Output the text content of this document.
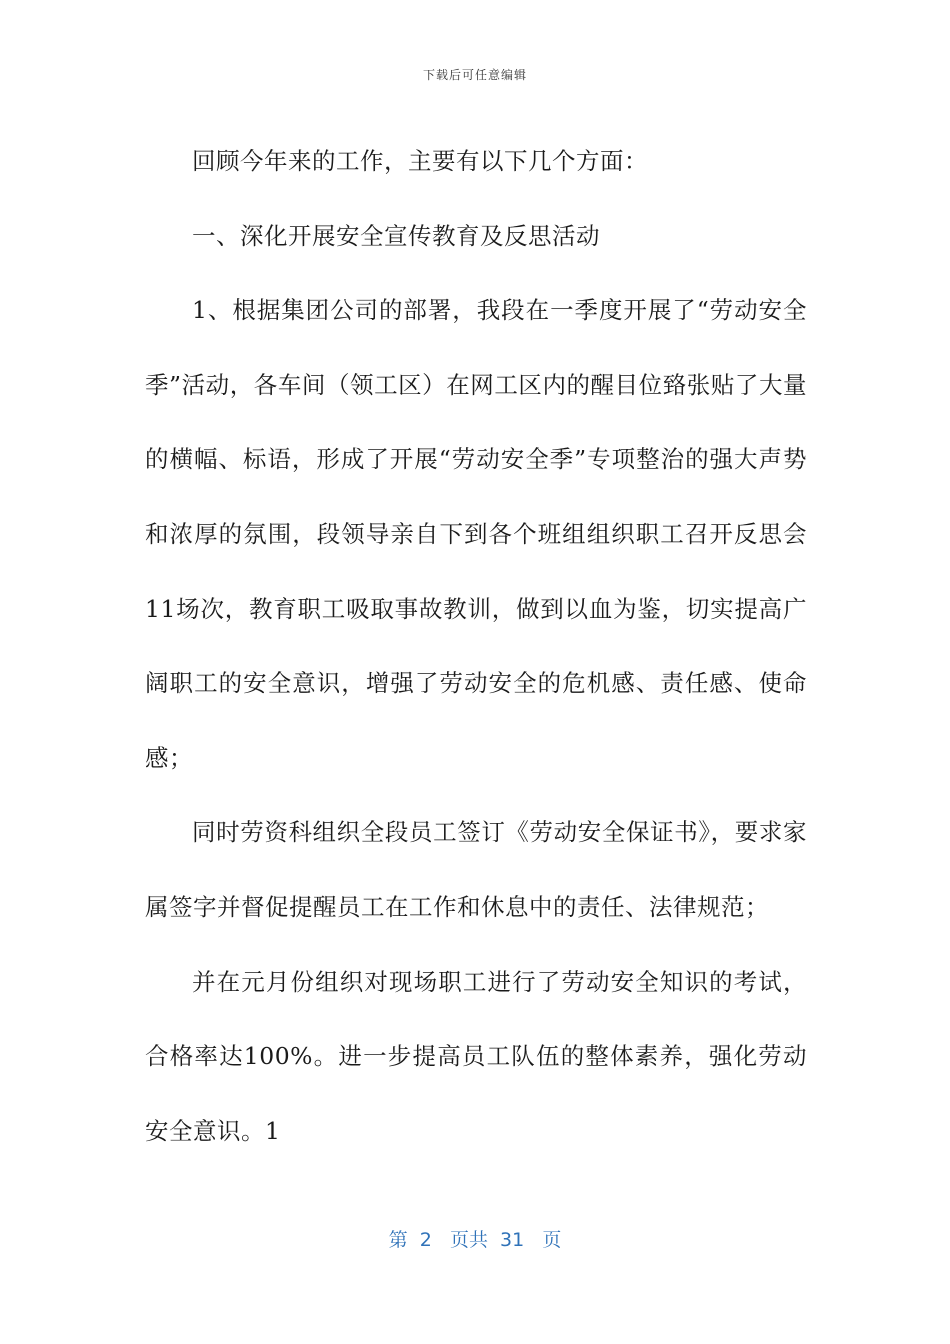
下载后可任意编辑

回顾今年来的工作，主要有以下几个方面：

一、深化开展安全宣传教育及反思活动

1、根据集团公司的部署，我段在一季度开展了“劳动安全季”活动，各车间（领工区）在网工区内的醒目位臵张贴了大量的横幅、标语，形成了开展“劳动安全季”专项整治的强大声势和浓厚的氛围，段领导亲自下到各个班组组织职工召开反思会11场次，教育职工吸取事故教训，做到以血为鉴，切实提高广阔职工的安全意识，增强了劳动安全的危机感、责任感、使命感；

同时劳资科组织全段员工签订《劳动安全保证书》，要求家属签字并督促提醒员工在工作和休息中的责任、法律规范；

并在元月份组织对现场职工进行了劳动安全知识的考试，合格率达100%。进一步提高员工队伍的整体素养，强化劳动安全意识。1

第  2   页共  31   页
